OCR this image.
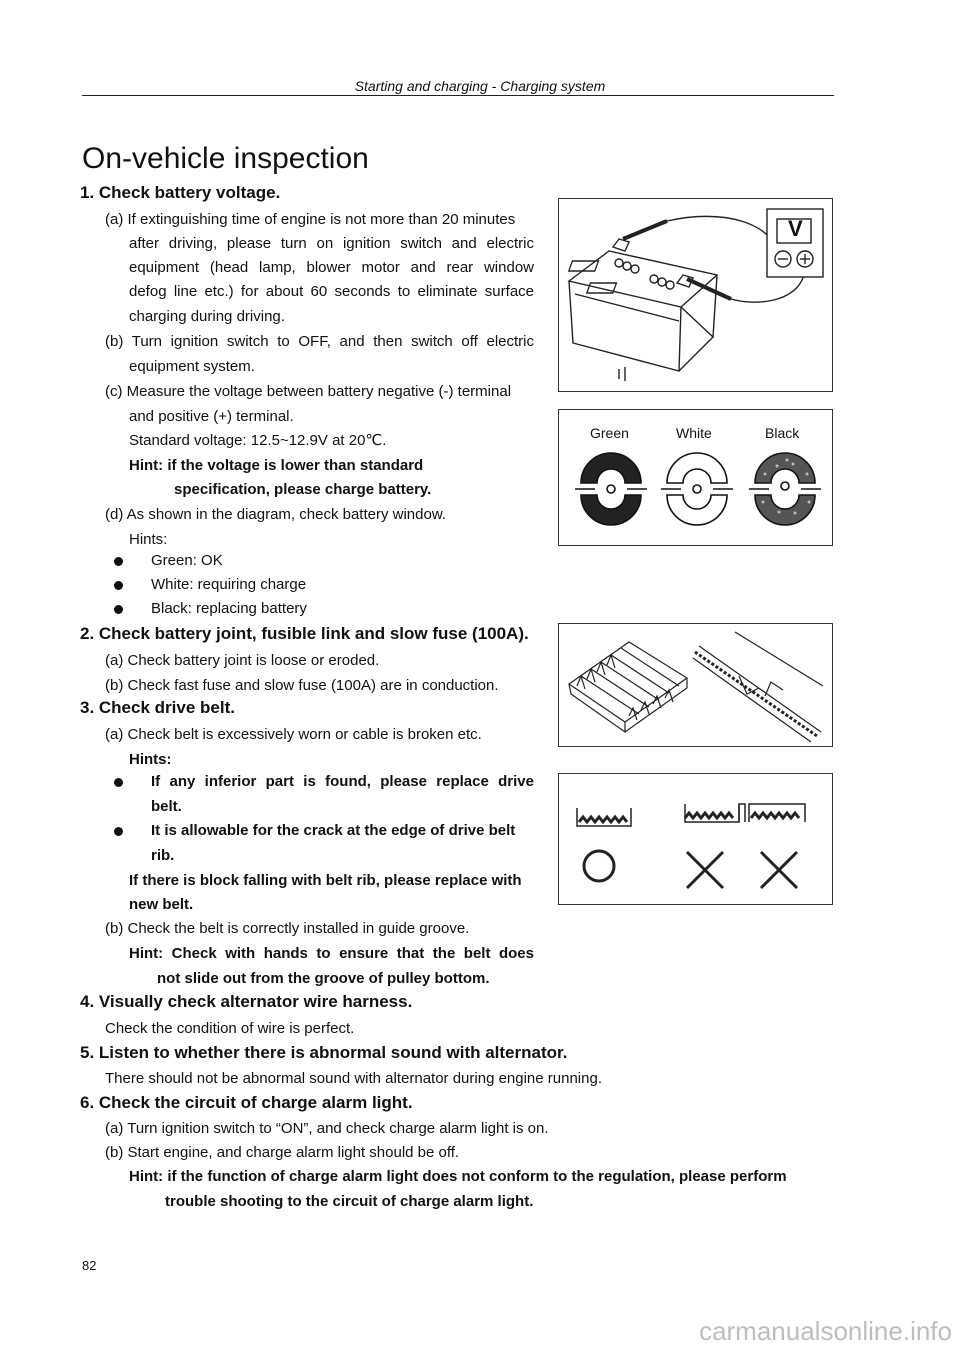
Starting and charging - Charging system
On-vehicle inspection
1. Check battery voltage.
(a) If extinguishing time of engine is not more than 20 minutes
after driving, please turn on ignition switch and electric
equipment (head lamp, blower motor and rear window
defog line etc.) for about 60 seconds to eliminate surface
charging during driving.
(b) Turn ignition switch to OFF, and then switch off electric
equipment system.
(c) Measure the voltage between battery negative (-) terminal
and positive (+) terminal.
Standard voltage: 12.5~12.9V at 20℃.
Hint: if the voltage is lower than standard
specification, please charge battery.
(d) As shown in the diagram, check battery window.
Hints:
Green: OK
White: requiring charge
Black: replacing battery
2. Check battery joint, fusible link and slow fuse (100A).
(a) Check battery joint is loose or eroded.
(b) Check fast fuse and slow fuse (100A) are in conduction.
3. Check drive belt.
(a) Check belt is excessively worn or cable is broken etc.
Hints:
If any inferior part is found, please replace drive
belt.
It is allowable for the crack at the edge of drive belt
rib.
If there is block falling with belt rib, please replace with
new belt.
(b) Check the belt is correctly installed in guide groove.
Hint: Check with hands to ensure that the belt does
not slide out from the groove of pulley bottom.
4. Visually check alternator wire harness.
Check the condition of wire is perfect.
5. Listen to whether there is abnormal sound with alternator.
There should not be abnormal sound with alternator during engine running.
6. Check the circuit of charge alarm light.
(a) Turn ignition switch to “ON”, and check charge alarm light is on.
(b) Start engine, and charge alarm light should be off.
Hint: if the function of charge alarm light does not conform to the regulation, please perform
trouble shooting to the circuit of charge alarm light.
V
Green	White	Black
82
carmanualsonline.info
